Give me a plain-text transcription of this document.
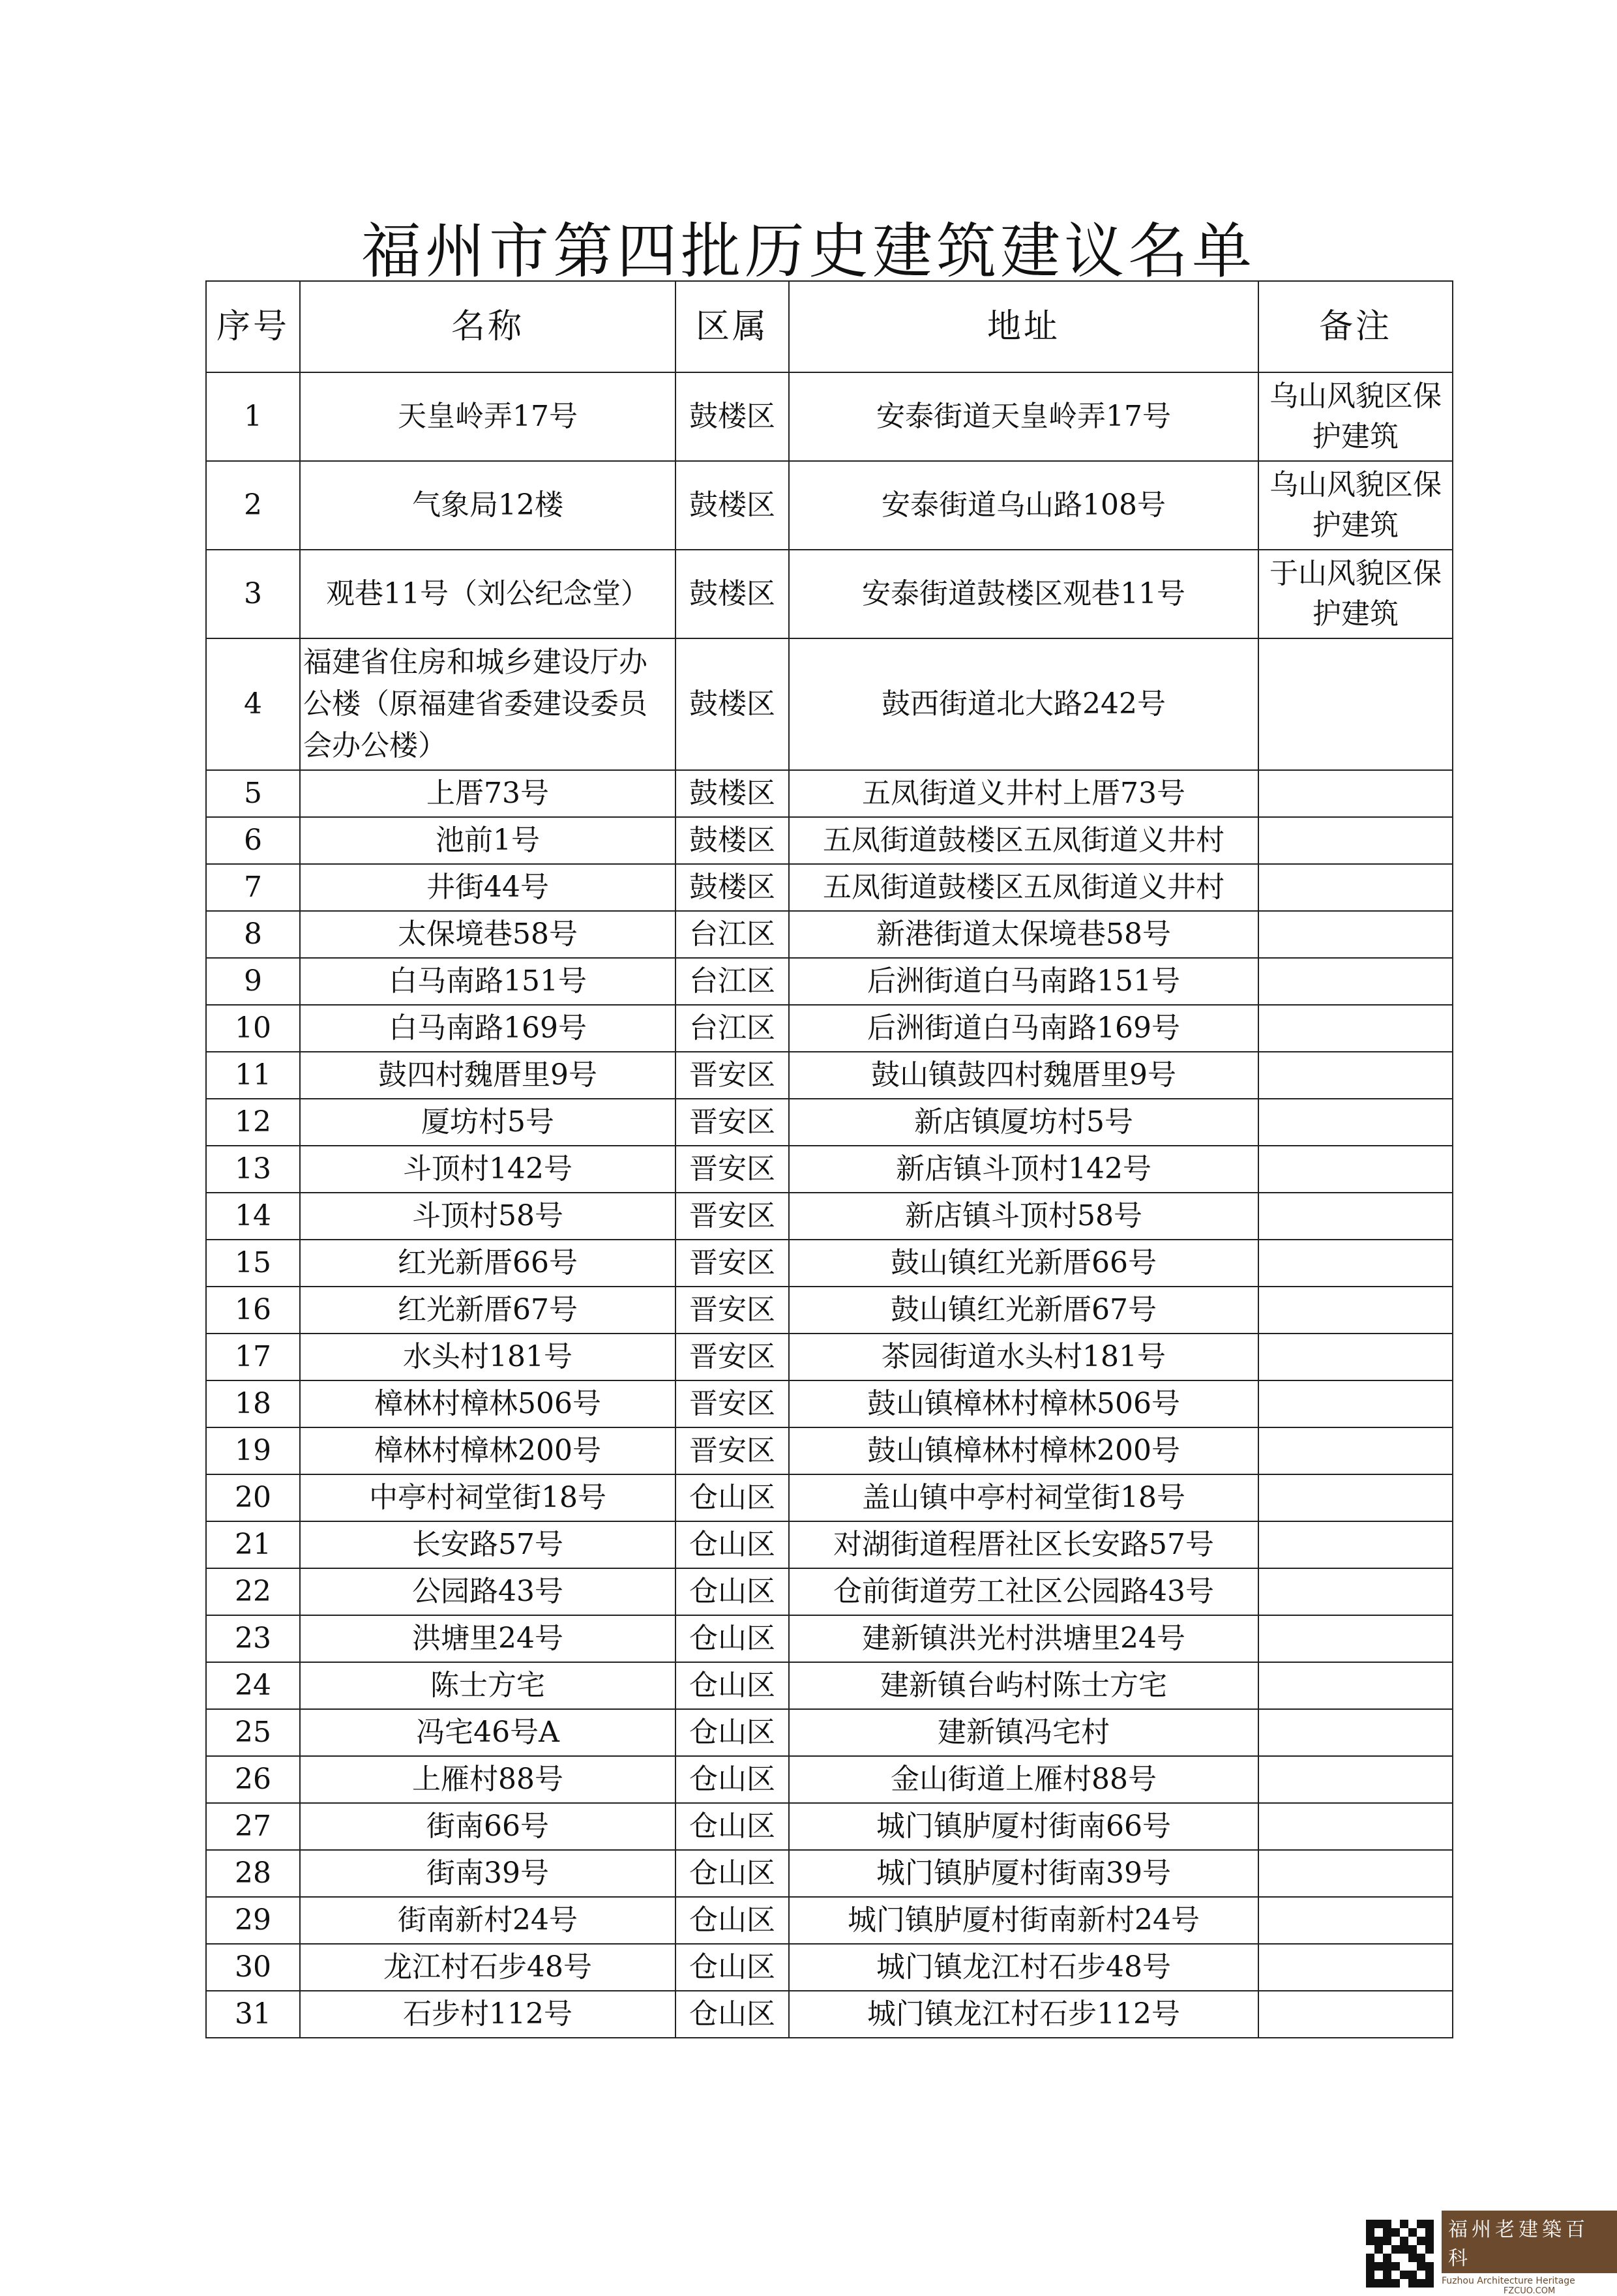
福州市第四批历史建筑建议名单
序号	名称	区属	地址	备注
1	天皇岭弄17号	鼓楼区	安泰街道天皇岭弄17号	乌山风貌区保护建筑
2	气象局12楼	鼓楼区	安泰街道乌山路108号	乌山风貌区保护建筑
3	观巷11号（刘公纪念堂）	鼓楼区	安泰街道鼓楼区观巷11号	于山风貌区保护建筑
4	福建省住房和城乡建设厅办公楼（原福建省委建设委员会办公楼）	鼓楼区	鼓西街道北大路242号	
5	上厝73号	鼓楼区	五凤街道义井村上厝73号	
6	池前1号	鼓楼区	五凤街道鼓楼区五凤街道义井村	
7	井街44号	鼓楼区	五凤街道鼓楼区五凤街道义井村	
8	太保境巷58号	台江区	新港街道太保境巷58号	
9	白马南路151号	台江区	后洲街道白马南路151号	
10	白马南路169号	台江区	后洲街道白马南路169号	
11	鼓四村魏厝里9号	晋安区	鼓山镇鼓四村魏厝里9号	
12	厦坊村5号	晋安区	新店镇厦坊村5号	
13	斗顶村142号	晋安区	新店镇斗顶村142号	
14	斗顶村58号	晋安区	新店镇斗顶村58号	
15	红光新厝66号	晋安区	鼓山镇红光新厝66号	
16	红光新厝67号	晋安区	鼓山镇红光新厝67号	
17	水头村181号	晋安区	茶园街道水头村181号	
18	樟林村樟林506号	晋安区	鼓山镇樟林村樟林506号	
19	樟林村樟林200号	晋安区	鼓山镇樟林村樟林200号	
20	中亭村祠堂街18号	仓山区	盖山镇中亭村祠堂街18号	
21	长安路57号	仓山区	对湖街道程厝社区长安路57号	
22	公园路43号	仓山区	仓前街道劳工社区公园路43号	
23	洪塘里24号	仓山区	建新镇洪光村洪塘里24号	
24	陈士方宅	仓山区	建新镇台屿村陈士方宅	
25	冯宅46号A	仓山区	建新镇冯宅村	
26	上雁村88号	仓山区	金山街道上雁村88号	
27	街南66号	仓山区	城门镇胪厦村街南66号	
28	街南39号	仓山区	城门镇胪厦村街南39号	
29	街南新村24号	仓山区	城门镇胪厦村街南新村24号	
30	龙江村石步48号	仓山区	城门镇龙江村石步48号	
31	石步村112号	仓山区	城门镇龙江村石步112号	
福州老建築百科
Fuzhou Architecture Heritage
FZCUO.COM
